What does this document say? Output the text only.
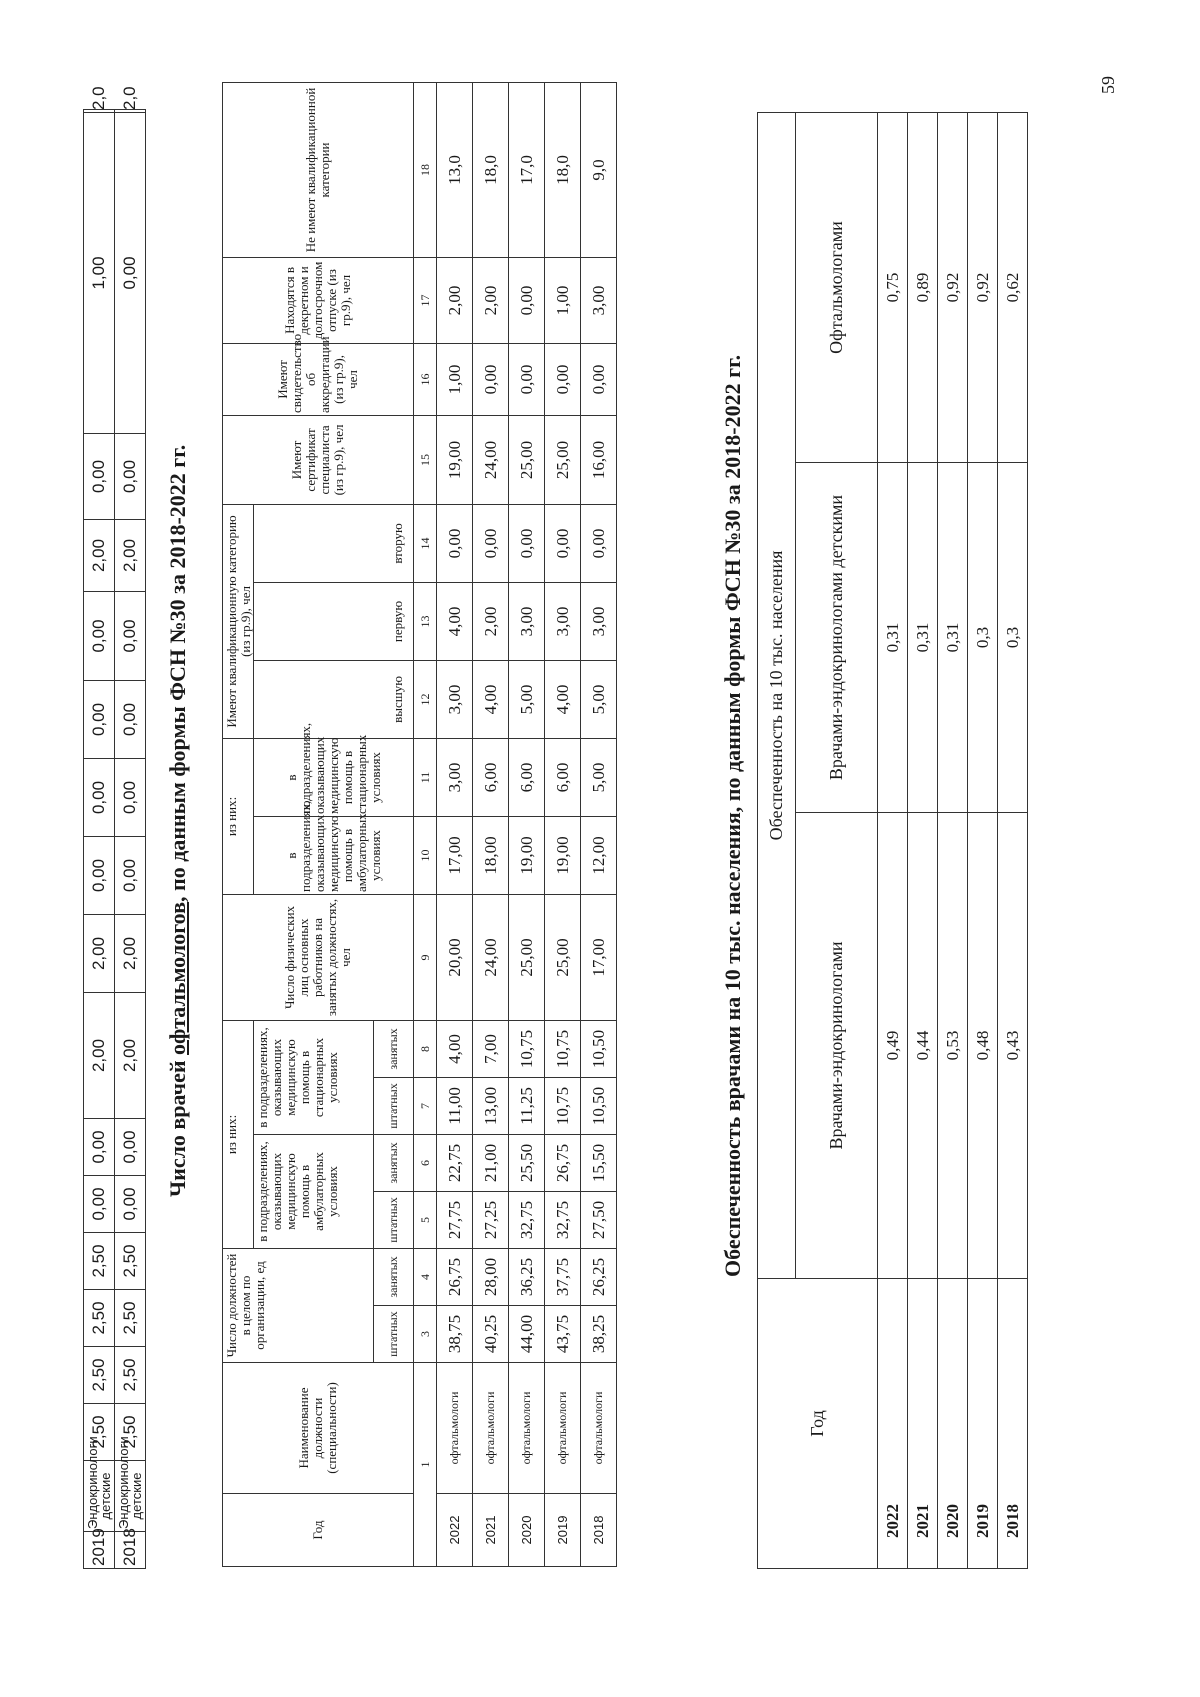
2019	Эндокринологи детские	2,50	2,50	2,50	2,50	0,00	0,00	2,00	2,00	0,00	0,00	0,00	0,00	2,00	0,00	1,00	2,0
2018	Эндокринологи детские	2,50	2,50	2,50	2,50	0,00	0,00	2,00	2,00	0,00	0,00	0,00	0,00	2,00	0,00	0,00	2,0
Число врачей офтальмологов, по данным формы ФСН №30 за 2018-2022 гг.
Год	Наименование должности (специальности)	Число должностей в целом по организации, ед		из них:				Число физических лиц основных работников на занятых должностях, чел	из них:		Имеют квалификационную категорию (из гр.9), чел			Имеют сертификат специалиста (из гр.9), чел	Имеют свидетельство об аккредитации (из гр.9), чел	Находятся в декретном и долгосрочном отпуске (из гр.9), чел	Не имеют квалификационной категории
				в подразделениях, оказывающих медицинскую помощь в амбулаторных условиях		в подразделениях, оказывающих медицинскую помощь в стационарных условиях			в подразделениях, оказывающих медицинскую помощь в амбулаторных условиях	в подразделениях, оказывающих медицинскую помощь в стационарных условиях	высшую	первую	вторую				

		штатных	занятых	штатных	занятых	штатных	занятых										
1		3	4	5	6	7	8	9	10	11	12	13	14	15	16	17	18
2022	офтальмологи	38,75	26,75	27,75	22,75	11,00	4,00	20,00	17,00	3,00	3,00	4,00	0,00	19,00	1,00	2,00	13,0
2021	офтальмологи	40,25	28,00	27,25	21,00	13,00	7,00	24,00	18,00	6,00	4,00	2,00	0,00	24,00	0,00	2,00	18,0
2020	офтальмологи	44,00	36,25	32,75	25,50	11,25	10,75	25,00	19,00	6,00	5,00	3,00	0,00	25,00	0,00	0,00	17,0
2019	офтальмологи	43,75	37,75	32,75	26,75	10,75	10,75	25,00	19,00	6,00	4,00	3,00	0,00	25,00	0,00	1,00	18,0
2018	офтальмологи	38,25	26,25	27,50	15,50	10,50	10,50	17,00	12,00	5,00	5,00	3,00	0,00	16,00	0,00	3,00	9,0
Обеспеченность врачами на 10 тыс. населения, по данным формы ФСН №30 за 2018-2022 гг.
Год	Обеспеченность на 10 тыс. населения		
	Врачами-эндокринологами	Врачами-эндокринологами детскими	Офтальмологами
2022	0,49	0,31	0,75
2021	0,44	0,31	0,89
2020	0,53	0,31	0,92
2019	0,48	0,3	0,92
2018	0,43	0,3	0,62
59
